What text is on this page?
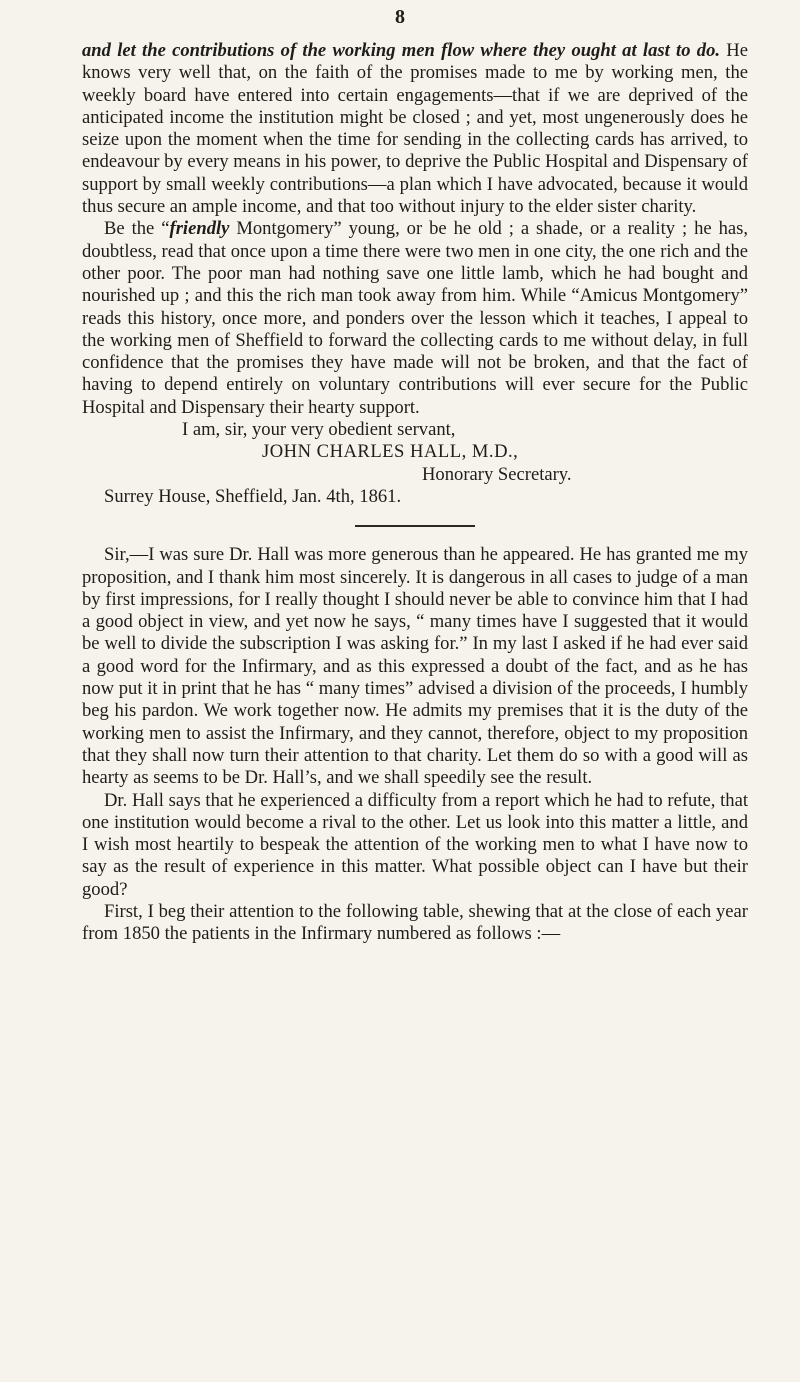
8

and let the contributions of the working men flow where they ought at last to do. He knows very well that, on the faith of the promises made to me by working men, the weekly board have entered into certain engagements—that if we are deprived of the anticipated income the institution might be closed ; and yet, most ungenerously does he seize upon the moment when the time for sending in the collecting cards has arrived, to endeavour by every means in his power, to deprive the Public Hospital and Dispensary of support by small weekly contributions—a plan which I have advocated, because it would thus secure an ample income, and that too without injury to the elder sister charity.

Be the “friendly Montgomery” young, or be he old ; a shade, or a reality ; he has, doubtless, read that once upon a time there were two men in one city, the one rich and the other poor. The poor man had nothing save one little lamb, which he had bought and nourished up ; and this the rich man took away from him. While “Amicus Montgomery” reads this history, once more, and ponders over the lesson which it teaches, I appeal to the working men of Sheffield to forward the collecting cards to me without delay, in full confidence that the promises they have made will not be broken, and that the fact of having to depend entirely on voluntary contributions will ever secure for the Public Hospital and Dispensary their hearty support.

I am, sir, your very obedient servant,
JOHN CHARLES HALL, M.D.,
Honorary Secretary.
Surrey House, Sheffield, Jan. 4th, 1861.

Sir,—I was sure Dr. Hall was more generous than he appeared. He has granted me my proposition, and I thank him most sincerely. It is dangerous in all cases to judge of a man by first impressions, for I really thought I should never be able to convince him that I had a good object in view, and yet now he says, “ many times have I suggested that it would be well to divide the subscription I was asking for.” In my last I asked if he had ever said a good word for the Infirmary, and as this expressed a doubt of the fact, and as he has now put it in print that he has “ many times” advised a division of the proceeds, I humbly beg his pardon. We work together now. He admits my premises that it is the duty of the working men to assist the Infirmary, and they cannot, therefore, object to my proposition that they shall now turn their attention to that charity. Let them do so with a good will as hearty as seems to be Dr. Hall’s, and we shall speedily see the result.

Dr. Hall says that he experienced a difficulty from a report which he had to refute, that one institution would become a rival to the other. Let us look into this matter a little, and I wish most heartily to bespeak the attention of the working men to what I have now to say as the result of experience in this matter. What possible object can I have but their good?

First, I beg their attention to the following table, shewing that at the close of each year from 1850 the patients in the Infirmary numbered as follows :—
